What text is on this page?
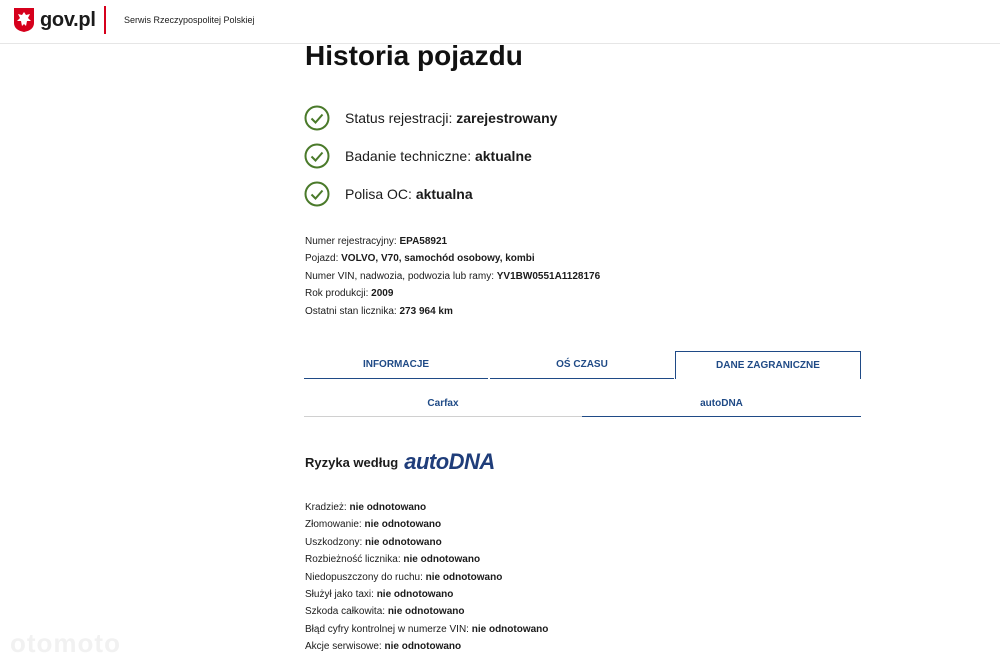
gov.pl	Serwis Rzeczypospolitej Polskiej
Historia pojazdu
Status rejestracji: zarejestrowany
Badanie techniczne: aktualne
Polisa OC: aktualna
Numer rejestracyjny: EPA58921
Pojazd: VOLVO, V70, samochód osobowy, kombi
Numer VIN, nadwozia, podwozia lub ramy: YV1BW0551A1128176
Rok produkcji: 2009
Ostatni stan licznika: 273 964 km
INFORMACJE	OŚ CZASU	DANE ZAGRANICZNE
Carfax	autoDNA
Ryzyka według autoDNA
Kradzież: nie odnotowano
Złomowanie: nie odnotowano
Uszkodzony: nie odnotowano
Rozbieżność licznika: nie odnotowano
Niedopuszczony do ruchu: nie odnotowano
Służył jako taxi: nie odnotowano
Szkoda całkowita: nie odnotowano
Błąd cyfry kontrolnej w numerze VIN: nie odnotowano
Akcje serwisowe: nie odnotowano
otomoto
